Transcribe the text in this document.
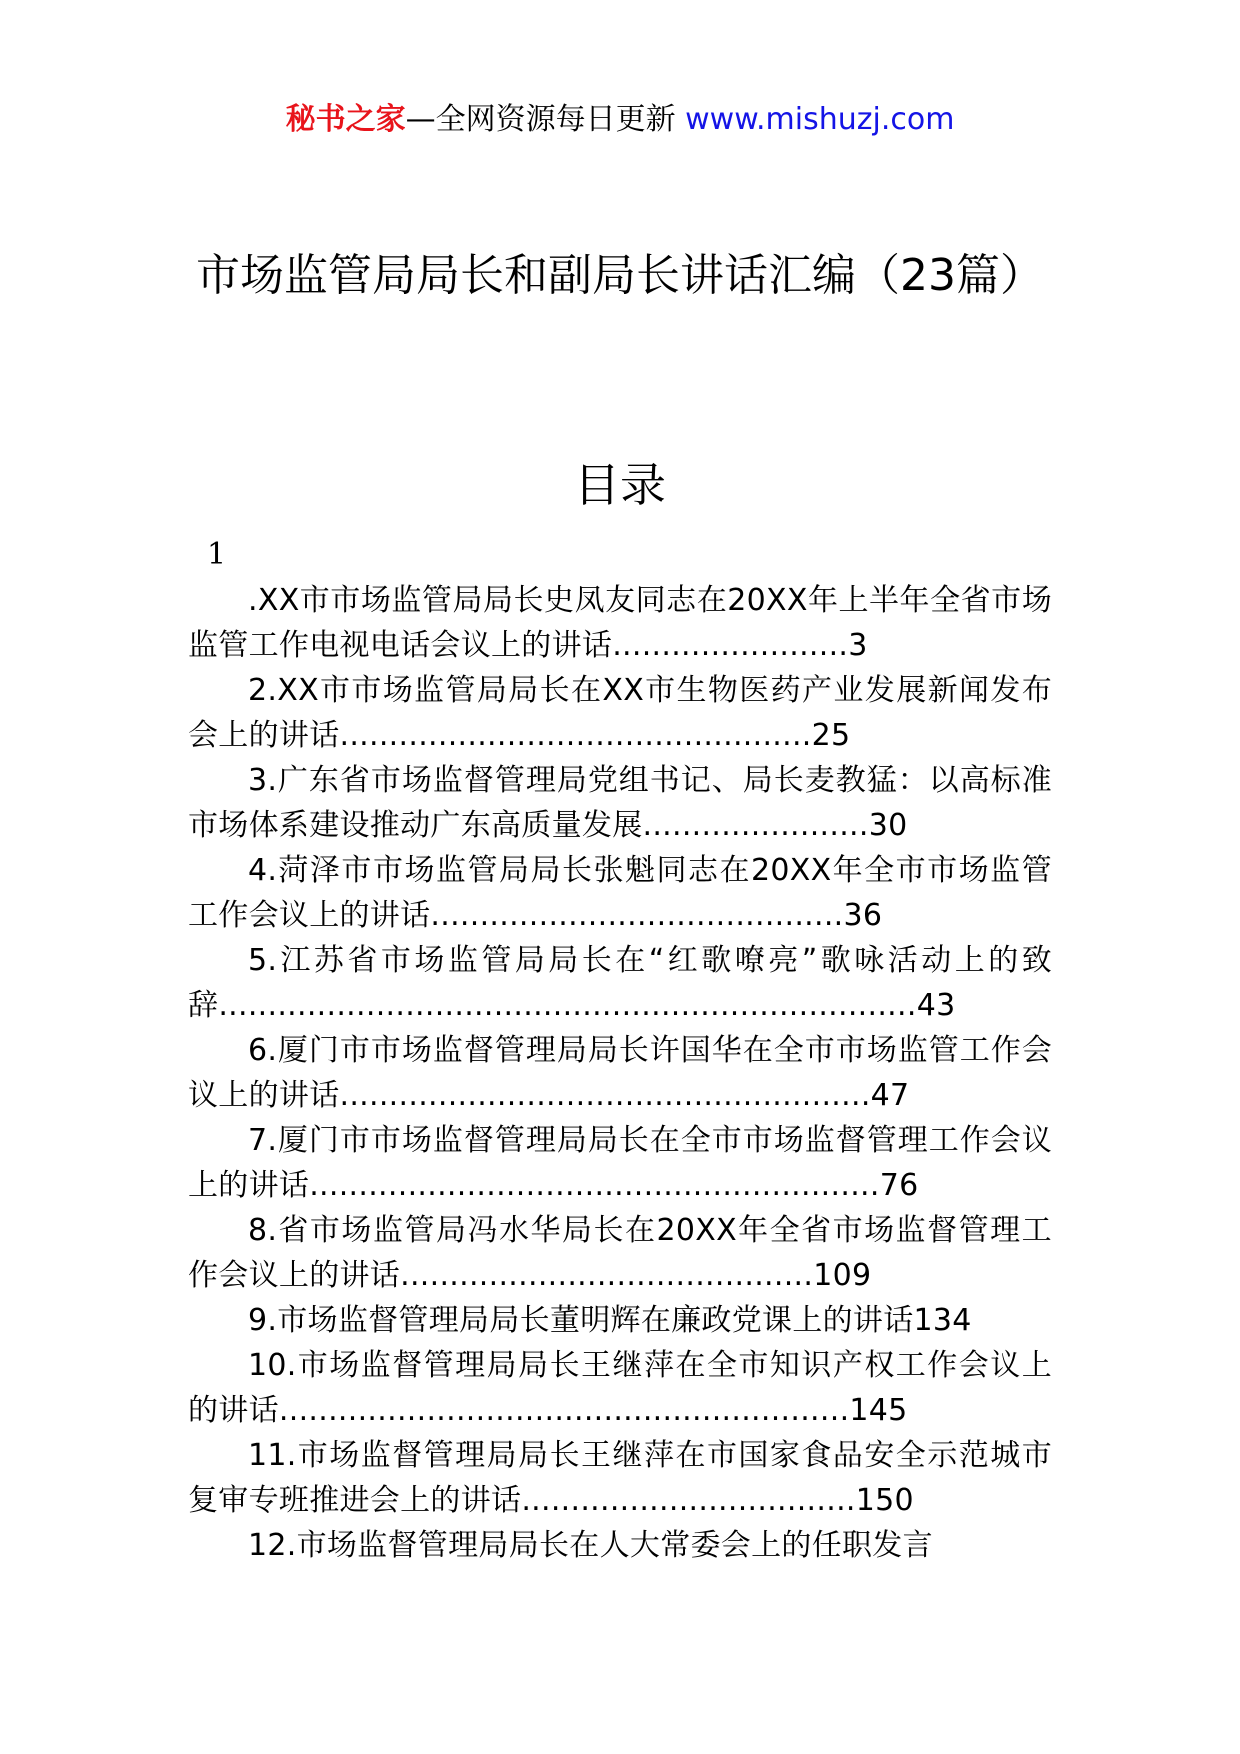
秘书之家—全网资源每日更新 www.mishuzj.com
市场监管局局长和副局长讲话汇编（23篇）
目录
1
.XX市市场监管局局长史凤友同志在20XX年上半年全省市场监管工作电视电话会议上的讲话........................3
2.XX市市场监管局局长在XX市生物医药产业发展新闻发布会上的讲话................................................25
3.广东省市场监督管理局党组书记、局长麦教猛：以高标准市场体系建设推动广东高质量发展.......................30
4.菏泽市市场监管局局长张魁同志在20XX年全市市场监管工作会议上的讲话..........................................36
5.江苏省市场监管局局长在“红歌嘹亮”歌咏活动上的致辞.......................................................................43
6.厦门市市场监督管理局局长许国华在全市市场监管工作会议上的讲话......................................................47
7.厦门市市场监督管理局局长在全市市场监督管理工作会议上的讲话..........................................................76
8.省市场监管局冯水华局长在20XX年全省市场监督管理工作会议上的讲话..........................................109
9.市场监督管理局局长董明辉在廉政党课上的讲话134
10.市场监督管理局局长王继萍在全市知识产权工作会议上的讲话..........................................................145
11.市场监督管理局局长王继萍在市国家食品安全示范城市复审专班推进会上的讲话..................................150
12.市场监督管理局局长在人大常委会上的任职发言
